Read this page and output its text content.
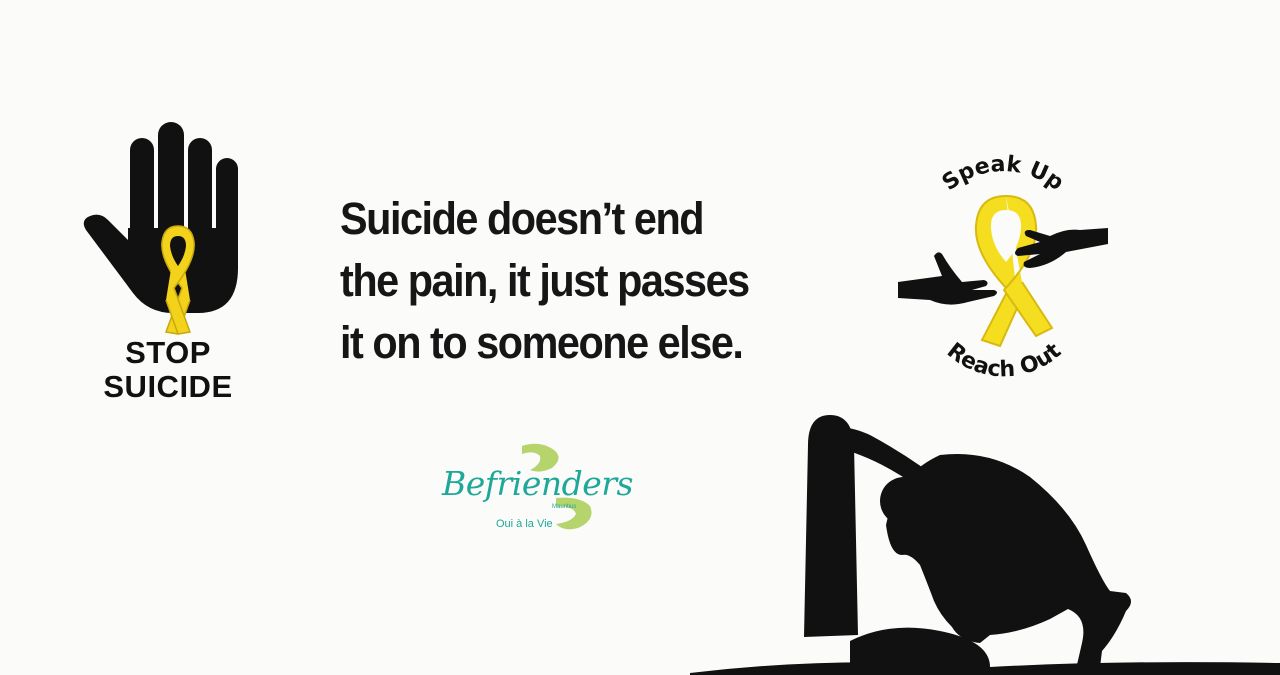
STOP
SUICIDE
Suicide doesn’t end
the pain, it just passes
it on to someone else.
Speak Up
Reach Out
Befrienders
Mauritius
Oui à la Vie
